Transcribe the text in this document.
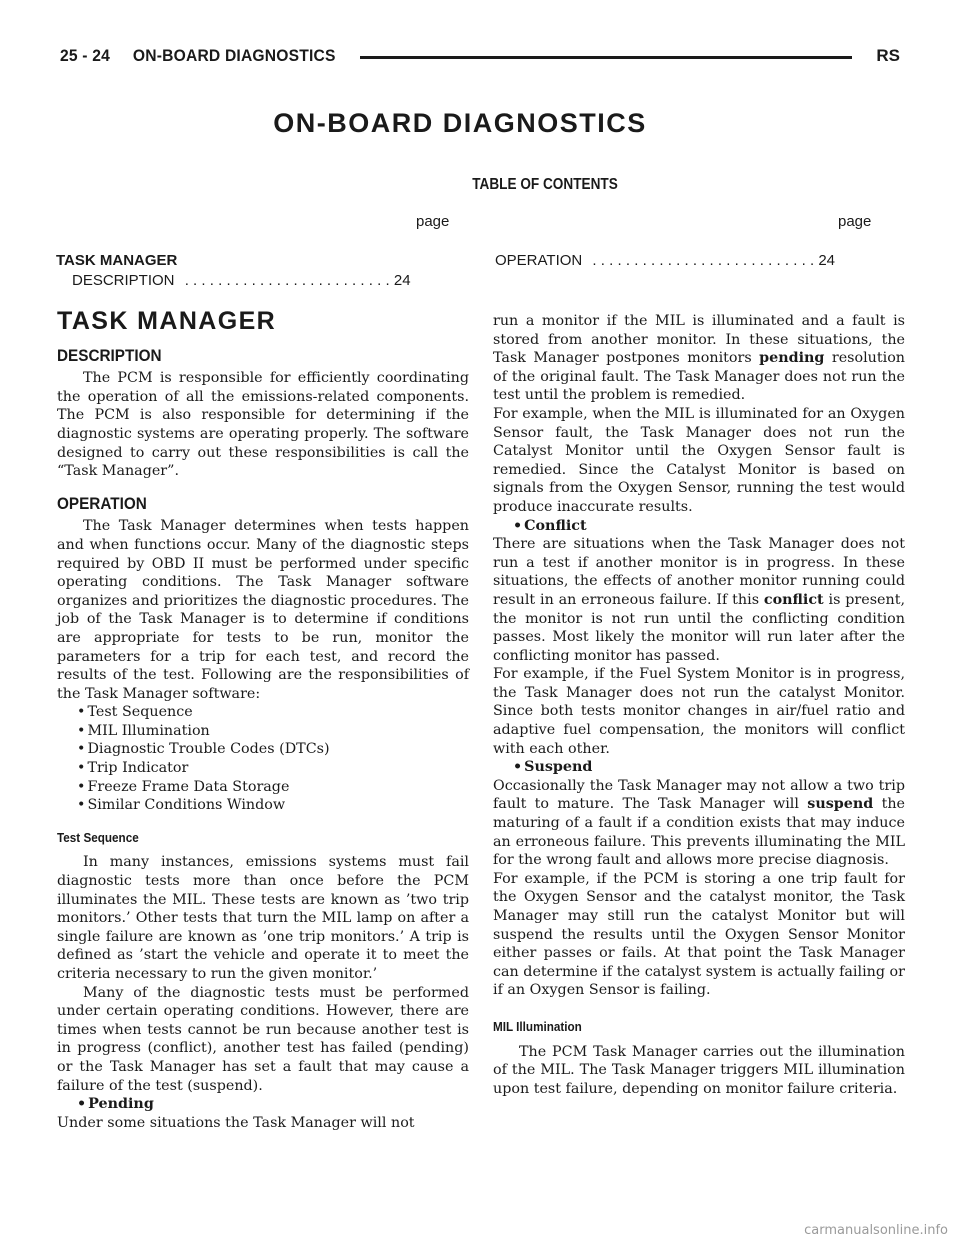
25 - 24 ON-BOARD DIAGNOSTICS	RS
ON-BOARD DIAGNOSTICS
TABLE OF CONTENTS
page	page
TASK MANAGER
DESCRIPTION .........................24
OPERATION ...........................24
TASK MANAGER
DESCRIPTION

The PCM is responsible for efficiently coordinating the operation of all the emissions-related components. The PCM is also responsible for determining if the diagnostic systems are operating properly. The software designed to carry out these responsibilities is call the “Task Manager”.

OPERATION

The Task Manager determines when tests happen and when functions occur. Many of the diagnostic steps required by OBD II must be performed under specific operating conditions. The Task Manager software organizes and prioritizes the diagnostic procedures. The job of the Task Manager is to determine if conditions are appropriate for tests to be run, monitor the parameters for a trip for each test, and record the results of the test. Following are the responsibilities of the Task Manager software:

• Test Sequence
• MIL Illumination
• Diagnostic Trouble Codes (DTCs)
• Trip Indicator
• Freeze Frame Data Storage
• Similar Conditions Window
Test Sequence

In many instances, emissions systems must fail diagnostic tests more than once before the PCM illuminates the MIL. These tests are known as ’two trip monitors.’ Other tests that turn the MIL lamp on after a single failure are known as ’one trip monitors.’ A trip is defined as ’start the vehicle and operate it to meet the criteria necessary to run the given monitor.’

Many of the diagnostic tests must be performed under certain operating conditions. However, there are times when tests cannot be run because another test is in progress (conflict), another test has failed (pending) or the Task Manager has set a fault that may cause a failure of the test (suspend).

• Pending

Under some situations the Task Manager will not

run a monitor if the MIL is illuminated and a fault is stored from another monitor. In these situations, the Task Manager postpones monitors pending resolution of the original fault. The Task Manager does not run the test until the problem is remedied.

For example, when the MIL is illuminated for an Oxygen Sensor fault, the Task Manager does not run the Catalyst Monitor until the Oxygen Sensor fault is remedied. Since the Catalyst Monitor is based on signals from the Oxygen Sensor, running the test would produce inaccurate results.

• Conflict

There are situations when the Task Manager does not run a test if another monitor is in progress. In these situations, the effects of another monitor running could result in an erroneous failure. If this conflict is present, the monitor is not run until the conflicting condition passes. Most likely the monitor will run later after the conflicting monitor has passed.

For example, if the Fuel System Monitor is in progress, the Task Manager does not run the catalyst Monitor. Since both tests monitor changes in air/fuel ratio and adaptive fuel compensation, the monitors will conflict with each other.

• Suspend

Occasionally the Task Manager may not allow a two trip fault to mature. The Task Manager will suspend the maturing of a fault if a condition exists that may induce an erroneous failure. This prevents illuminating the MIL for the wrong fault and allows more precise diagnosis.

For example, if the PCM is storing a one trip fault for the Oxygen Sensor and the catalyst monitor, the Task Manager may still run the catalyst Monitor but will suspend the results until the Oxygen Sensor Monitor either passes or fails. At that point the Task Manager can determine if the catalyst system is actually failing or if an Oxygen Sensor is failing.

MIL Illumination

The PCM Task Manager carries out the illumination of the MIL. The Task Manager triggers MIL illumination upon test failure, depending on monitor failure criteria.

carmanualsonline.info
